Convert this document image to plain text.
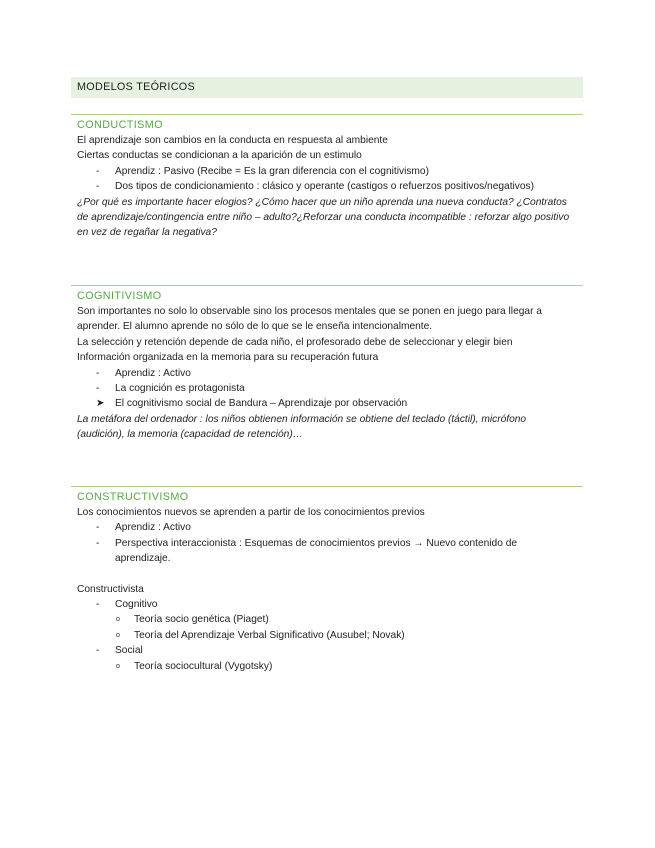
MODELOS TEÓRICOS
CONDUCTISMO

El aprendizaje son cambios en la conducta en respuesta al ambiente

Ciertas conductas se condicionan a la aparición de un estimulo

- Aprendiz : Pasivo (Recibe = Es la gran diferencia con el cognitivismo)
- Dos tipos de condicionamiento : clásico y operante (castigos o refuerzos positivos/negativos)

¿Por qué es importante hacer elogios? ¿Cómo hacer que un niño aprenda una nueva conducta? ¿Contratos

de aprendizaje/contingencia entre niño – adulto?¿Reforzar una conducta incompatible : reforzar algo positivo

en vez de regañar la negativa?

COGNITIVISMO

Son importantes no solo lo observable sino los procesos mentales que se ponen en juego para llegar a

aprender. El alumno aprende no sólo de lo que se le enseña intencionalmente.

La selección y retención depende de cada niño, el profesorado debe de seleccionar y elegir bien

Información organizada en la memoria para su recuperación futura

- Aprendiz : Activo
- La cognición es protagonista
➤ El cognitivismo social de Bandura – Aprendizaje por observación

La metáfora del ordenador : los niños obtienen información se obtiene del teclado (táctil), micrófono

(audición), la memoria (capacidad de retención)…

CONSTRUCTIVISMO

Los conocimientos nuevos se aprenden a partir de los conocimientos previos

- Aprendiz : Activo
- Perspectiva interaccionista : Esquemas de conocimientos previos → Nuevo contenido de
aprendizaje.

Constructivista

- Cognitivo
o Teoría socio genética (Piaget)
o Teoría del Aprendizaje Verbal Significativo (Ausubel; Novak)
- Social
o Teoría sociocultural (Vygotsky)
